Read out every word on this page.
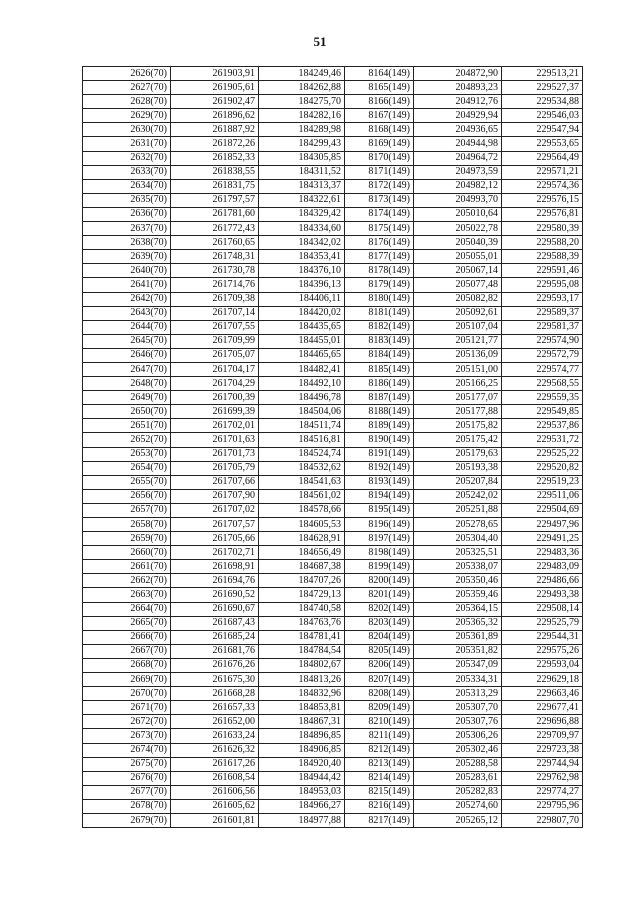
51
2626(70)	261903,91	184249,46	8164(149)	204872,90	229513,21
2627(70)	261905,61	184262,88	8165(149)	204893,23	229527,37
2628(70)	261902,47	184275,70	8166(149)	204912,76	229534,88
2629(70)	261896,62	184282,16	8167(149)	204929,94	229546,03
2630(70)	261887,92	184289,98	8168(149)	204936,65	229547,94
2631(70)	261872,26	184299,43	8169(149)	204944,98	229553,65
2632(70)	261852,33	184305,85	8170(149)	204964,72	229564,49
2633(70)	261838,55	184311,52	8171(149)	204973,59	229571,21
2634(70)	261831,75	184313,37	8172(149)	204982,12	229574,36
2635(70)	261797,57	184322,61	8173(149)	204993,70	229576,15
2636(70)	261781,60	184329,42	8174(149)	205010,64	229576,81
2637(70)	261772,43	184334,60	8175(149)	205022,78	229580,39
2638(70)	261760,65	184342,02	8176(149)	205040,39	229588,20
2639(70)	261748,31	184353,41	8177(149)	205055,01	229588,39
2640(70)	261730,78	184376,10	8178(149)	205067,14	229591,46
2641(70)	261714,76	184396,13	8179(149)	205077,48	229595,08
2642(70)	261709,38	184406,11	8180(149)	205082,82	229593,17
2643(70)	261707,14	184420,02	8181(149)	205092,61	229589,37
2644(70)	261707,55	184435,65	8182(149)	205107,04	229581,37
2645(70)	261709,99	184455,01	8183(149)	205121,77	229574,90
2646(70)	261705,07	184465,65	8184(149)	205136,09	229572,79
2647(70)	261704,17	184482,41	8185(149)	205151,00	229574,77
2648(70)	261704,29	184492,10	8186(149)	205166,25	229568,55
2649(70)	261700,39	184496,78	8187(149)	205177,07	229559,35
2650(70)	261699,39	184504,06	8188(149)	205177,88	229549,85
2651(70)	261702,01	184511,74	8189(149)	205175,82	229537,86
2652(70)	261701,63	184516,81	8190(149)	205175,42	229531,72
2653(70)	261701,73	184524,74	8191(149)	205179,63	229525,22
2654(70)	261705,79	184532,62	8192(149)	205193,38	229520,82
2655(70)	261707,66	184541,63	8193(149)	205207,84	229519,23
2656(70)	261707,90	184561,02	8194(149)	205242,02	229511,06
2657(70)	261707,02	184578,66	8195(149)	205251,88	229504,69
2658(70)	261707,57	184605,53	8196(149)	205278,65	229497,96
2659(70)	261705,66	184628,91	8197(149)	205304,40	229491,25
2660(70)	261702,71	184656,49	8198(149)	205325,51	229483,36
2661(70)	261698,91	184687,38	8199(149)	205338,07	229483,09
2662(70)	261694,76	184707,26	8200(149)	205350,46	229486,66
2663(70)	261690,52	184729,13	8201(149)	205359,46	229493,38
2664(70)	261690,67	184740,58	8202(149)	205364,15	229508,14
2665(70)	261687,43	184763,76	8203(149)	205365,32	229525,79
2666(70)	261685,24	184781,41	8204(149)	205361,89	229544,31
2667(70)	261681,76	184784,54	8205(149)	205351,82	229575,26
2668(70)	261676,26	184802,67	8206(149)	205347,09	229593,04
2669(70)	261675,30	184813,26	8207(149)	205334,31	229629,18
2670(70)	261668,28	184832,96	8208(149)	205313,29	229663,46
2671(70)	261657,33	184853,81	8209(149)	205307,70	229677,41
2672(70)	261652,00	184867,31	8210(149)	205307,76	229696,88
2673(70)	261633,24	184896,85	8211(149)	205306,26	229709,97
2674(70)	261626,32	184906,85	8212(149)	205302,46	229723,38
2675(70)	261617,26	184920,40	8213(149)	205288,58	229744,94
2676(70)	261608,54	184944,42	8214(149)	205283,61	229762,98
2677(70)	261606,56	184953,03	8215(149)	205282,83	229774,27
2678(70)	261605,62	184966,27	8216(149)	205274,60	229795,96
2679(70)	261601,81	184977,88	8217(149)	205265,12	229807,70
